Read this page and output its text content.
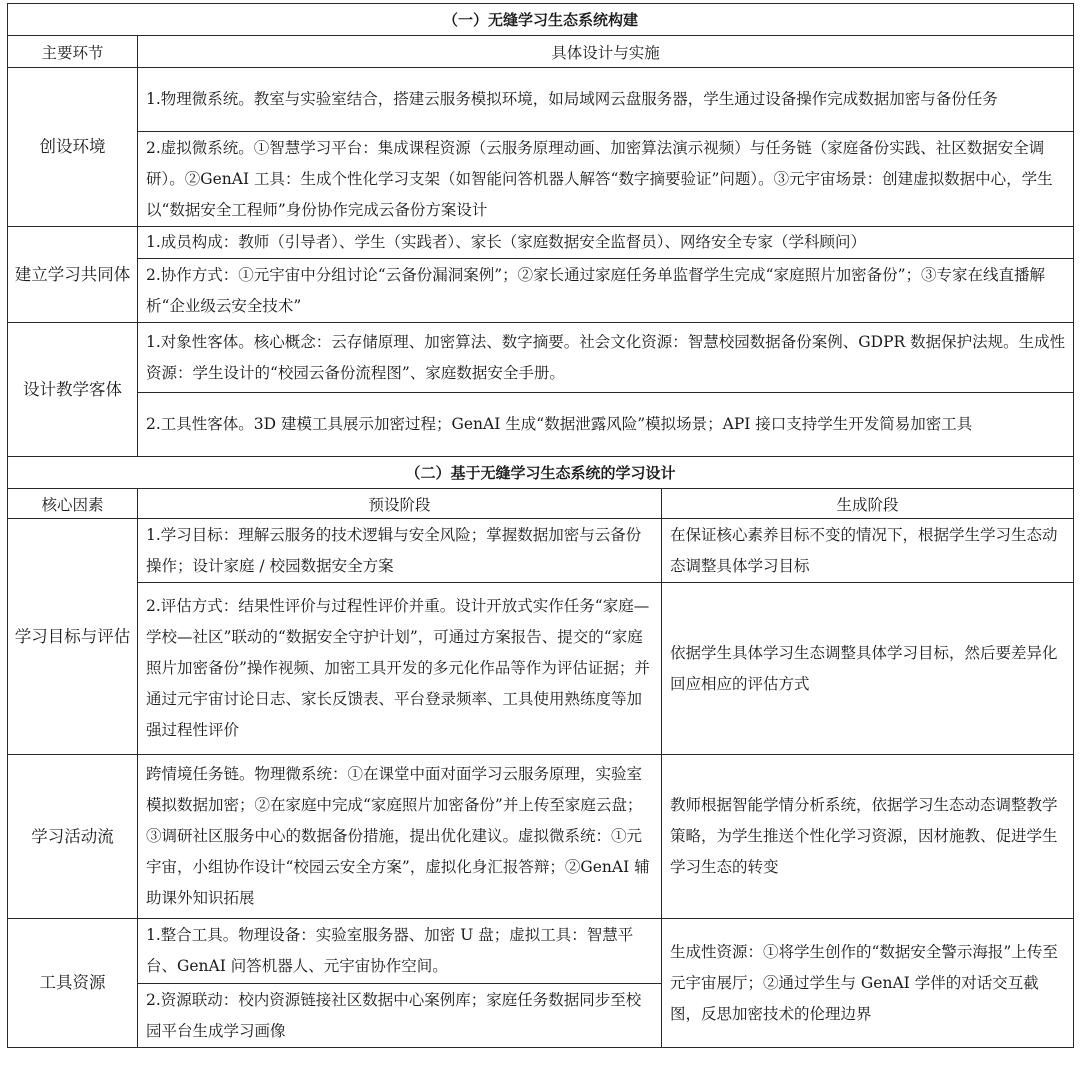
（一）无缝学习生态系统构建		
主要环节	具体设计与实施	
创设环境	1.物理微系统。教室与实验室结合，搭建云服务模拟环境，如局域网云盘服务器，学生通过设备操作完成数据加密与备份任务	
	2.虚拟微系统。①智慧学习平台：集成课程资源（云服务原理动画、加密算法演示视频）与任务链（家庭备份实践、社区数据安全调研）。②GenAI 工具：生成个性化学习支架（如智能问答机器人解答“数字摘要验证”问题）。③元宇宙场景：创建虚拟数据中心，学生以“数据安全工程师”身份协作完成云备份方案设计	
建立学习共同体	1.成员构成：教师（引导者）、学生（实践者）、家长（家庭数据安全监督员）、网络安全专家（学科顾问）	
	2.协作方式：①元宇宙中分组讨论“云备份漏洞案例”；②家长通过家庭任务单监督学生完成“家庭照片加密备份”；③专家在线直播解析“企业级云安全技术”	
设计教学客体	1.对象性客体。核心概念：云存储原理、加密算法、数字摘要。社会文化资源：智慧校园数据备份案例、GDPR 数据保护法规。生成性资源：学生设计的“校园云备份流程图”、家庭数据安全手册。	
	2.工具性客体。3D 建模工具展示加密过程；GenAI 生成“数据泄露风险”模拟场景；API 接口支持学生开发简易加密工具	
（二）基于无缝学习生态系统的学习设计		
核心因素	预设阶段	生成阶段
学习目标与评估	1.学习目标：理解云服务的技术逻辑与安全风险；掌握数据加密与云备份操作；设计家庭 / 校园数据安全方案	在保证核心素养目标不变的情况下，根据学生学习生态动态调整具体学习目标
	2.评估方式：结果性评价与过程性评价并重。设计开放式实作任务“家庭—学校—社区”联动的“数据安全守护计划”，可通过方案报告、提交的“家庭照片加密备份”操作视频、加密工具开发的多元化作品等作为评估证据；并通过元宇宙讨论日志、家长反馈表、平台登录频率、工具使用熟练度等加强过程性评价	依据学生具体学习生态调整具体学习目标，然后要差异化回应相应的评估方式
学习活动流	跨情境任务链。物理微系统：①在课堂中面对面学习云服务原理，实验室模拟数据加密；②在家庭中完成“家庭照片加密备份”并上传至家庭云盘；③调研社区服务中心的数据备份措施，提出优化建议。虚拟微系统：①元宇宙，小组协作设计“校园云安全方案”，虚拟化身汇报答辩；②GenAI 辅助课外知识拓展	教师根据智能学情分析系统，依据学习生态动态调整教学策略，为学生推送个性化学习资源，因材施教、促进学生学习生态的转变
工具资源	1.整合工具。物理设备：实验室服务器、加密 U 盘；虚拟工具：智慧平台、GenAI 问答机器人、元宇宙协作空间。	生成性资源：①将学生创作的“数据安全警示海报”上传至元宇宙展厅；②通过学生与 GenAI 学伴的对话交互截图，反思加密技术的伦理边界
	2.资源联动：校内资源链接社区数据中心案例库；家庭任务数据同步至校园平台生成学习画像	
